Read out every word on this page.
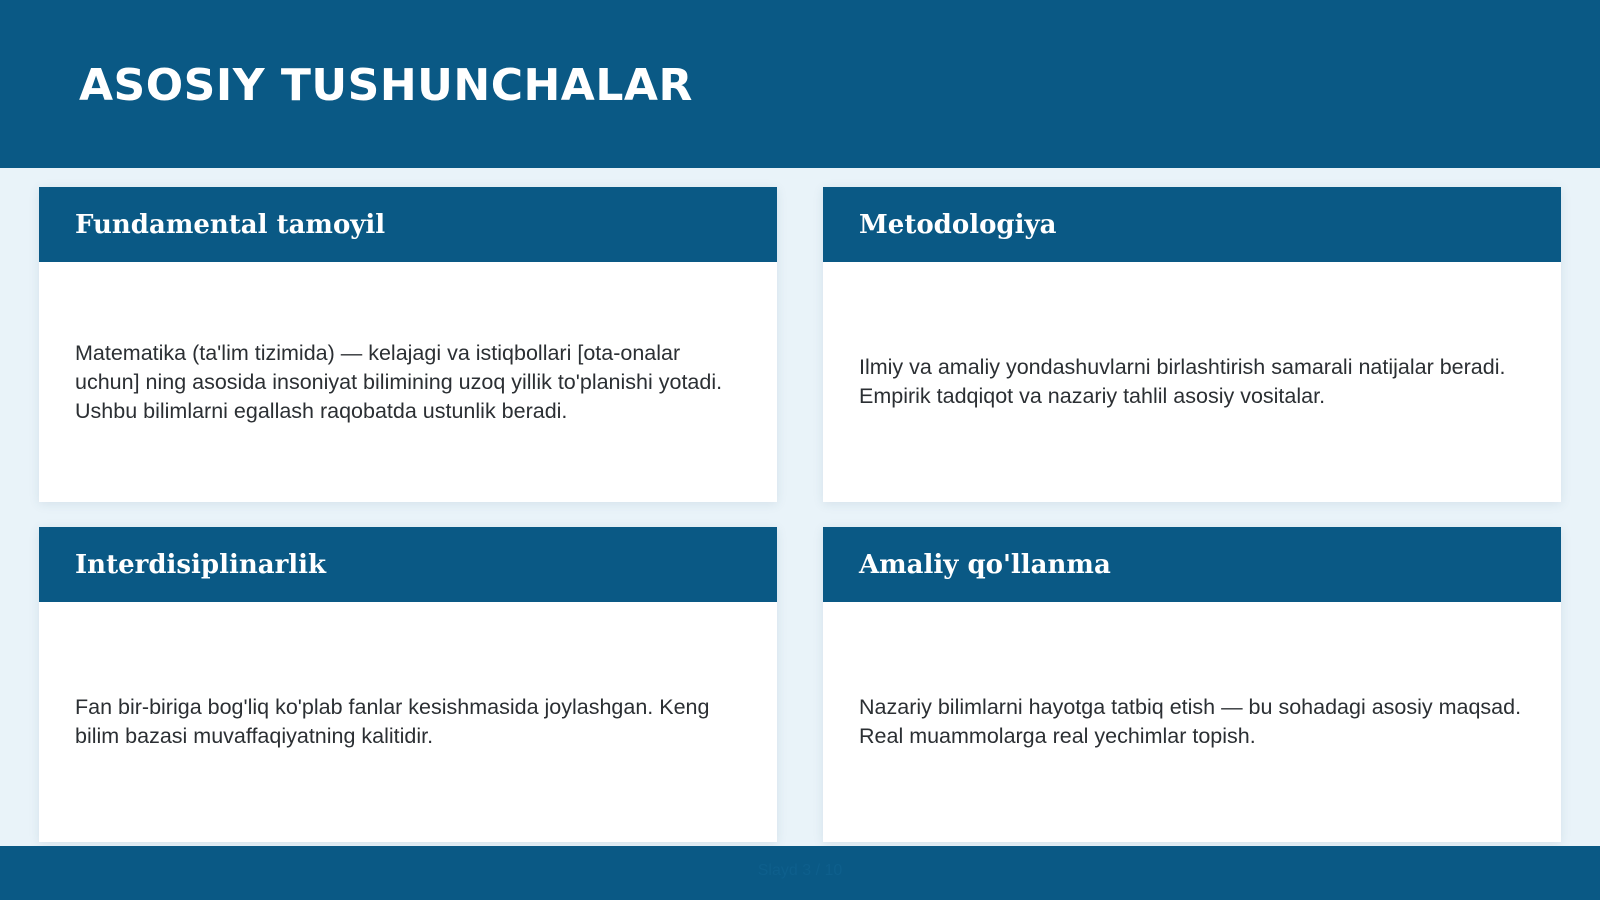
ASOSIY TUSHUNCHALAR
Fundamental tamoyil

Matematika (ta'lim tizimida) — kelajagi va istiqbollari [ota-onalar uchun] ning asosida insoniyat bilimining uzoq yillik to'planishi yotadi. Ushbu bilimlarni egallash raqobatda ustunlik beradi.

Metodologiya

Ilmiy va amaliy yondashuvlarni birlashtirish samarali natijalar beradi. Empirik tadqiqot va nazariy tahlil asosiy vositalar.

Interdisiplinarlik

Fan bir-biriga bog'liq ko'plab fanlar kesishmasida joylashgan. Keng bilim bazasi muvaffaqiyatning kalitidir.

Amaliy qo'llanma

Nazariy bilimlarni hayotga tatbiq etish — bu sohadagi asosiy maqsad. Real muammolarga real yechimlar topish.

Slayd 3 / 10
